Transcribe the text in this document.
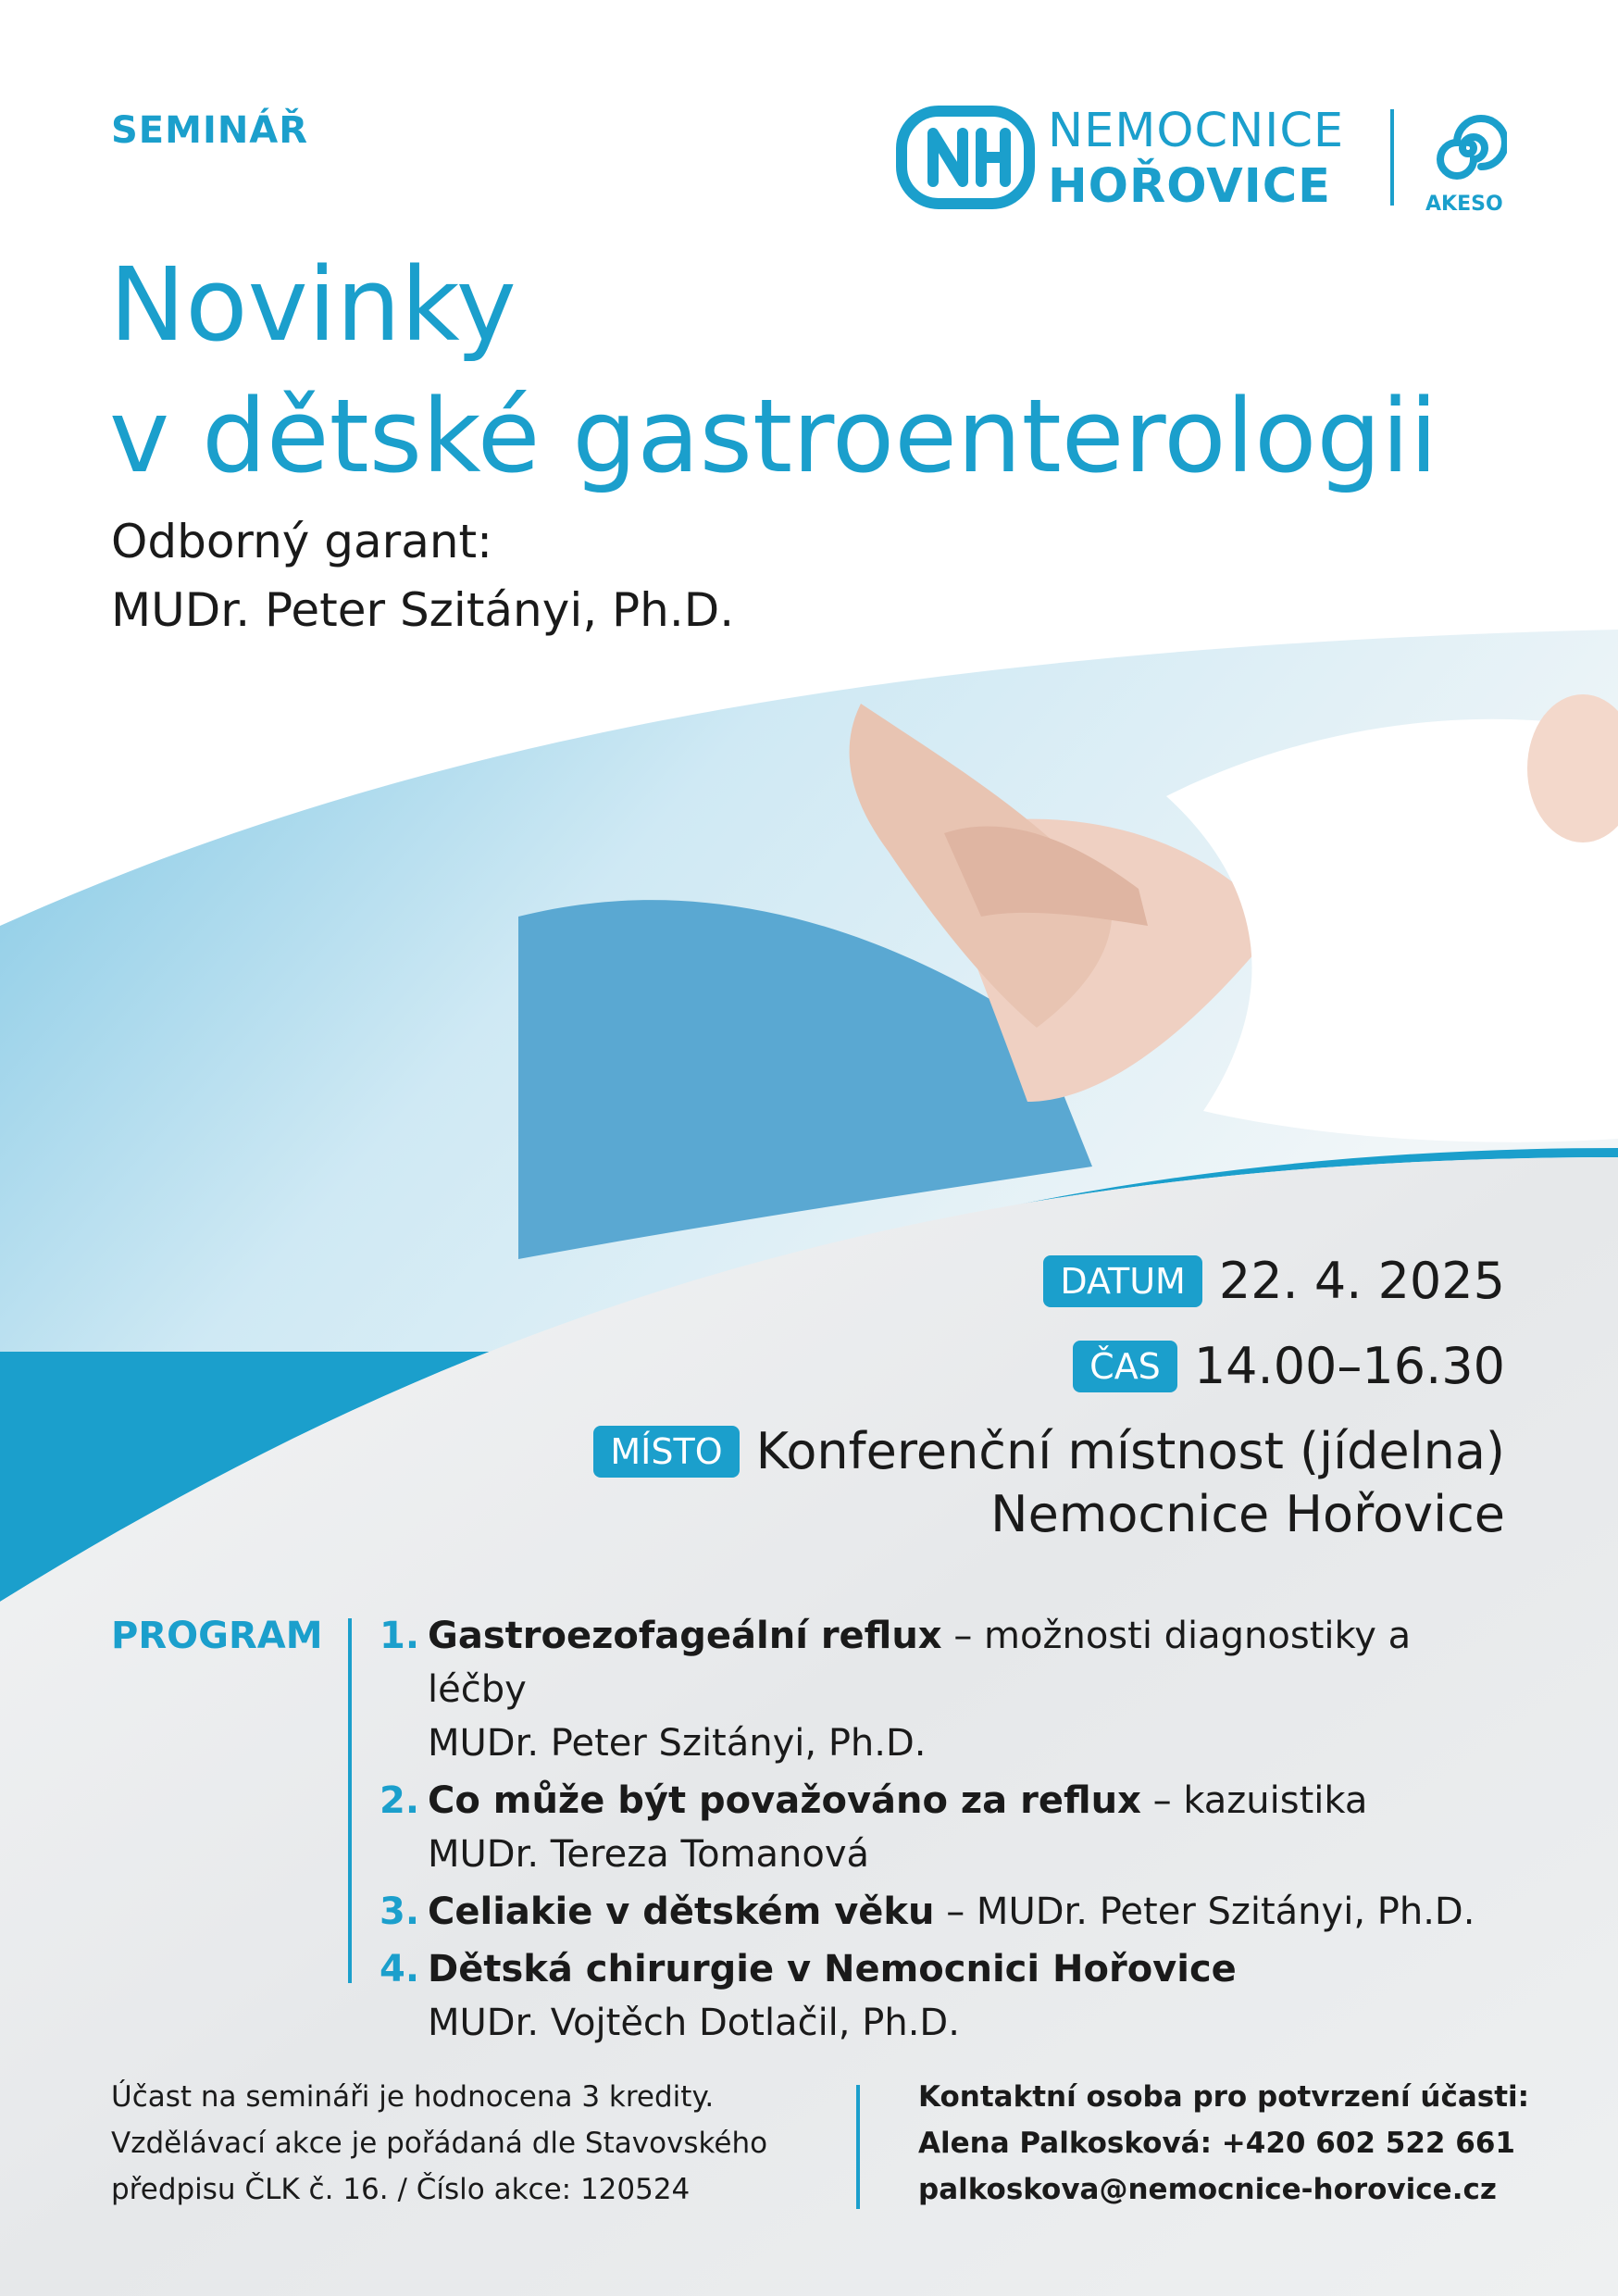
SEMINÁŘ
Novinky
v dětské gastroenterologii
Odborný garant:
MUDr. Peter Szitányi, Ph.D.
NEMOCNICE
HOŘOVICE	AKESO
DATUM 22. 4. 2025
ČAS 14.00–16.30
MÍSTO Konferenční místnost (jídelna)
Nemocnice Hořovice
PROGRAM 1. Gastroezofageální reflux – možnosti diagnostiky a léčby
MUDr. Peter Szitányi, Ph.D.
2. Co může být považováno za reflux – kazuistika
MUDr. Tereza Tomanová
3. Celiakie v dětském věku – MUDr. Peter Szitányi, Ph.D.
4. Dětská chirurgie v Nemocnici Hořovice
MUDr. Vojtěch Dotlačil, Ph.D.
Účast na semináři je hodnocena 3 kredity.
Vzdělávací akce je pořádaná dle Stavovského
předpisu ČLK č. 16. / Číslo akce: 120524
Kontaktní osoba pro potvrzení účasti:
Alena Palkosková: +420 602 522 661
palkoskova@nemocnice-horovice.cz
